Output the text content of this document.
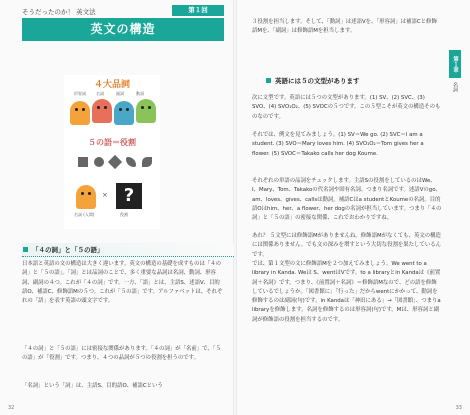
そうだったのか！ 英文法	第１回
英文の構造
４大品詞
形容詞	名詞	副詞	動詞
５の語＝役割
名詞 (人間)
× ?
役割
「４の詞」と「５の語」

日本語と英語の文の構造は大きく違います。英文の構造の基礎を成すものは「４の詞」と「５の語」。「詞」とは品詞のことで、多く重要な品詞は名詞、動詞、形容詞、副詞の４つ。これが「４の詞」です。一方、「語」とは、主語S、述語V、目的語O、補語C、修飾語Mの５つ。これが「５の語」です。アルファベットは、それぞれの「語」を表す英語の頭文字です。

「４の詞」と「５の語」には密接な関係があります。「４の詞」が「名前」で、「５の語」が「役割」です。つまり、４つの品詞が５つの役割を担うのです。

「名詞」という「詞」は、主語S、目的語O、補語Cという

３役割を担当します。そして、「動詞」は述語Vを、「形容詞」は補語Cと修飾語Mを、「副詞」は修飾語Mを担当します。

英語には５の文型があります

次に文型です。英語には５つの文型があります。(1) SV、(2) SVC、(3) SVO、(4) SVO₁O₂、(5) SVOCの５つです。この５型こそが英文の構造そのものなのです。

それでは、例文を見てみましょう。(1) SV＝We go. (2) SVC＝I am a student. (3) SVO＝Mary loves him. (4) SVO₁O₂＝Tom gives her a flower. (5) SVOC＝Takako calls her dog Koume.

それぞれの単語の品詞をチェックします。主語Sの役割をしているのはWe、I、Mary、Tom、Takakoの代名詞や固有名詞、つまり名詞です。述語Vのgo、am、loves、gives、callsは動詞。補語Cはa studentとKoumeの名詞。目的語Oはhim、her、a flower、her dogの名詞が担当しています。つまり「４の詞」と「５の語」の密接な関係、これでおわかりですね。

あれ？ ５文型には修飾語Mがありませんね。修飾語Mがなくても、英文の構造には関係ありません。でも文の深みを増すという大切な役割を果たしているんです。

では、第１文型の文に修飾語Mを２つ加えてみましょう。We went to a library in Kanda. Weは S、wentはVです。to a libraryとin Kandaは《前置詞＋名詞》です。つまり、《前置詞＋名詞》＝修飾語Mなので、どの語を修飾しているでしょうか。「図書館に」「行った」だからwentにかかって、動詞を修飾するのは副詞(句)です。in Kandaは「神田にある」→「図書館」、つまりa libraryを修飾します。名詞を修飾するのは形容詞(句)です。Mは、形容詞と副詞が修飾語の役割を担当するのです。

第１章
名詞
32	33
